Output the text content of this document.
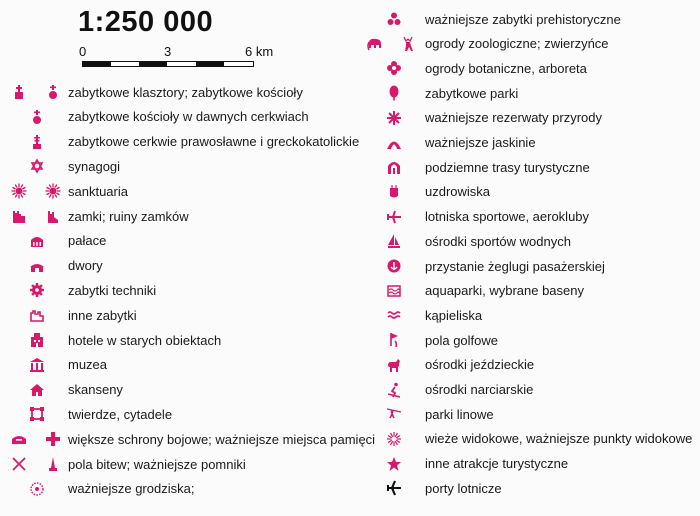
1:250 000
0	3	6 km
zabytkowe klasztory; zabytkowe kościoły
zabytkowe kościoły w dawnych cerkwiach
zabytkowe cerkwie prawosławne i greckokatolickie
synagogi
sanktuaria
zamki; ruiny zamków
pałace
dwory
zabytki techniki
inne zabytki
hotele w starych obiektach
muzea
skanseny
twierdze, cytadele
większe schrony bojowe; ważniejsze miejsca pamięci
pola bitew; ważniejsze pomniki
ważniejsze grodziska;
ważniejsze zabytki prehistoryczne
ogrody zoologiczne; zwierzyńce
ogrody botaniczne, arboreta
zabytkowe parki
ważniejsze rezerwaty przyrody
ważniejsze jaskinie
podziemne trasy turystyczne
uzdrowiska
lotniska sportowe, aerokluby
ośrodki sportów wodnych
przystanie żeglugi pasażerskiej
aquaparki, wybrane baseny
kąpieliska
pola golfowe
ośrodki jeździeckie
ośrodki narciarskie
parki linowe
wieże widokowe, ważniejsze punkty widokowe
inne atrakcje turystyczne
porty lotnicze
